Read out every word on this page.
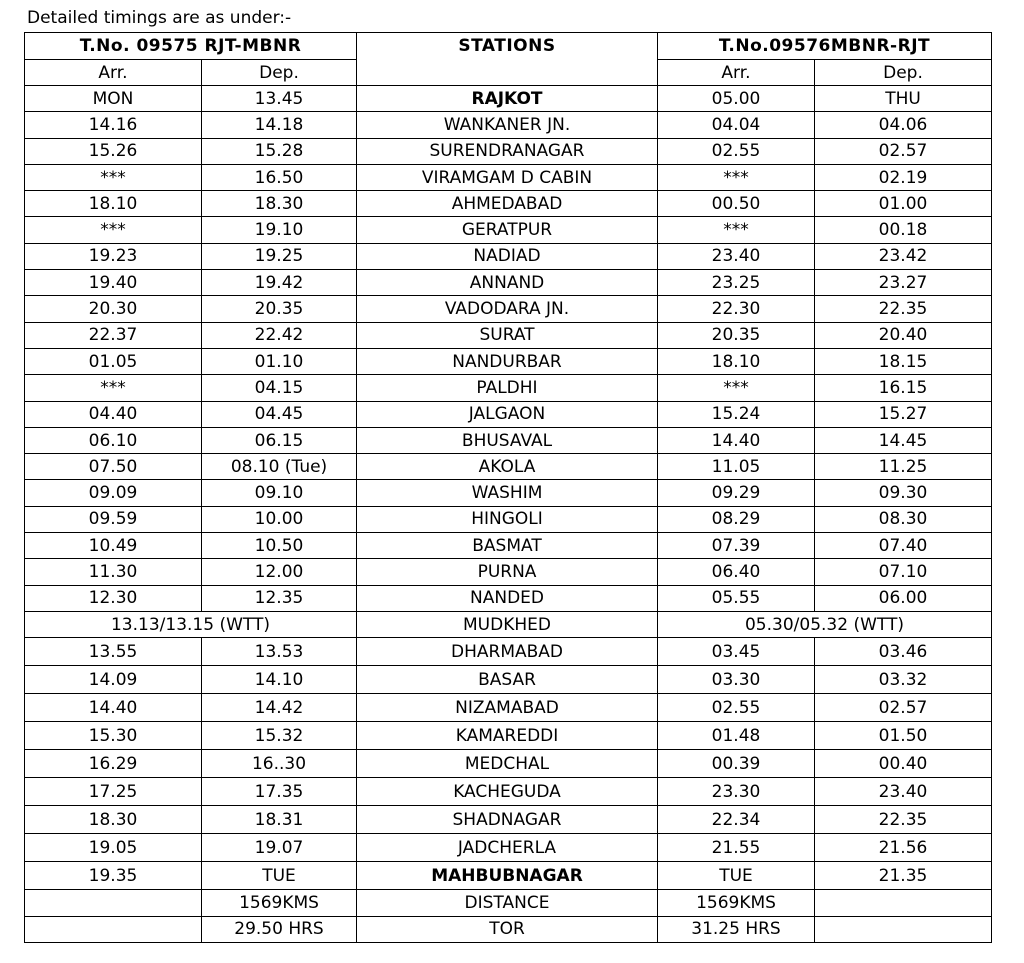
Detailed timings are as under:-
T.No. 09575 RJT-MBNR		STATIONS	T.No.09576MBNR-RJT	
Arr.	Dep.		Arr.	Dep.
MON	13.45	RAJKOT	05.00	THU
14.16	14.18	WANKANER JN.	04.04	04.06
15.26	15.28	SURENDRANAGAR	02.55	02.57
***	16.50	VIRAMGAM D CABIN	***	02.19
18.10	18.30	AHMEDABAD	00.50	01.00
***	19.10	GERATPUR	***	00.18
19.23	19.25	NADIAD	23.40	23.42
19.40	19.42	ANNAND	23.25	23.27
20.30	20.35	VADODARA JN.	22.30	22.35
22.37	22.42	SURAT	20.35	20.40
01.05	01.10	NANDURBAR	18.10	18.15
***	04.15	PALDHI	***	16.15
04.40	04.45	JALGAON	15.24	15.27
06.10	06.15	BHUSAVAL	14.40	14.45
07.50	08.10 (Tue)	AKOLA	11.05	11.25
09.09	09.10	WASHIM	09.29	09.30
09.59	10.00	HINGOLI	08.29	08.30
10.49	10.50	BASMAT	07.39	07.40
11.30	12.00	PURNA	06.40	07.10
12.30	12.35	NANDED	05.55	06.00
13.13/13.15 (WTT)		MUDKHED	05.30/05.32 (WTT)	
13.55	13.53	DHARMABAD	03.45	03.46
14.09	14.10	BASAR	03.30	03.32
14.40	14.42	NIZAMABAD	02.55	02.57
15.30	15.32	KAMAREDDI	01.48	01.50
16.29	16..30	MEDCHAL	00.39	00.40
17.25	17.35	KACHEGUDA	23.30	23.40
18.30	18.31	SHADNAGAR	22.34	22.35
19.05	19.07	JADCHERLA	21.55	21.56
19.35	TUE	MAHBUBNAGAR	TUE	21.35
	1569KMS	DISTANCE	1569KMS	
	29.50 HRS	TOR	31.25 HRS	
